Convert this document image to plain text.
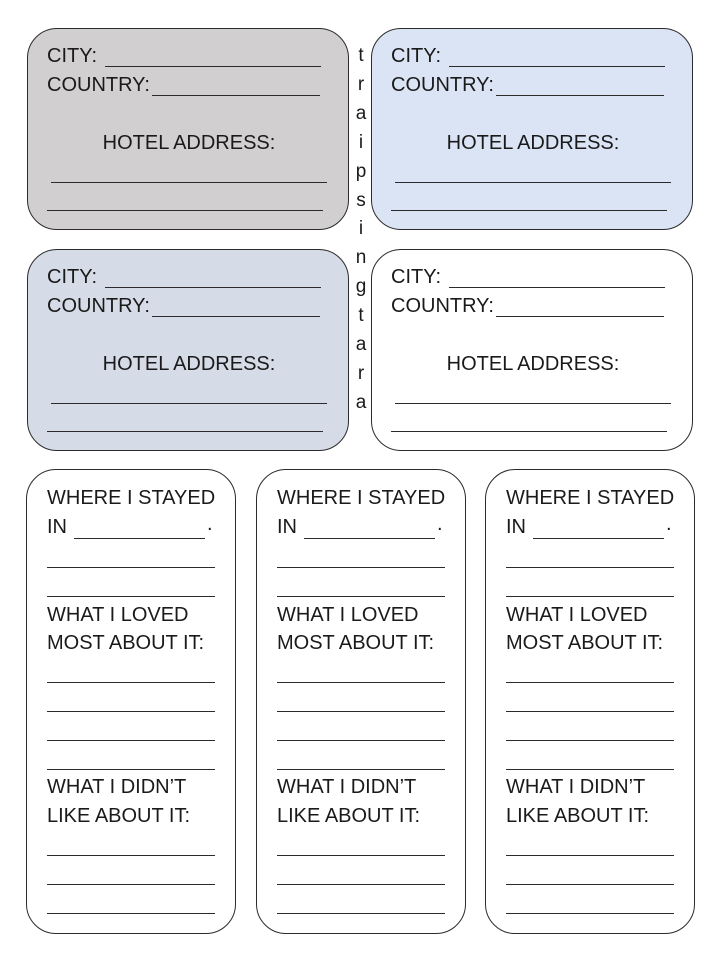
CITY:
COUNTRY:
HOTEL ADDRESS:
CITY:
COUNTRY:
HOTEL ADDRESS:
CITY:
COUNTRY:
HOTEL ADDRESS:
CITY:
COUNTRY:
HOTEL ADDRESS:
t
r
a
i
p
s
i
n
g
t
a
r
a
WHERE I STAYED
IN	.
WHAT I LOVED
MOST ABOUT IT:
WHAT I DIDN’T
LIKE ABOUT IT:
WHERE I STAYED
IN	.
WHAT I LOVED
MOST ABOUT IT:
WHAT I DIDN’T
LIKE ABOUT IT:
WHERE I STAYED
IN	.
WHAT I LOVED
MOST ABOUT IT:
WHAT I DIDN’T
LIKE ABOUT IT:
